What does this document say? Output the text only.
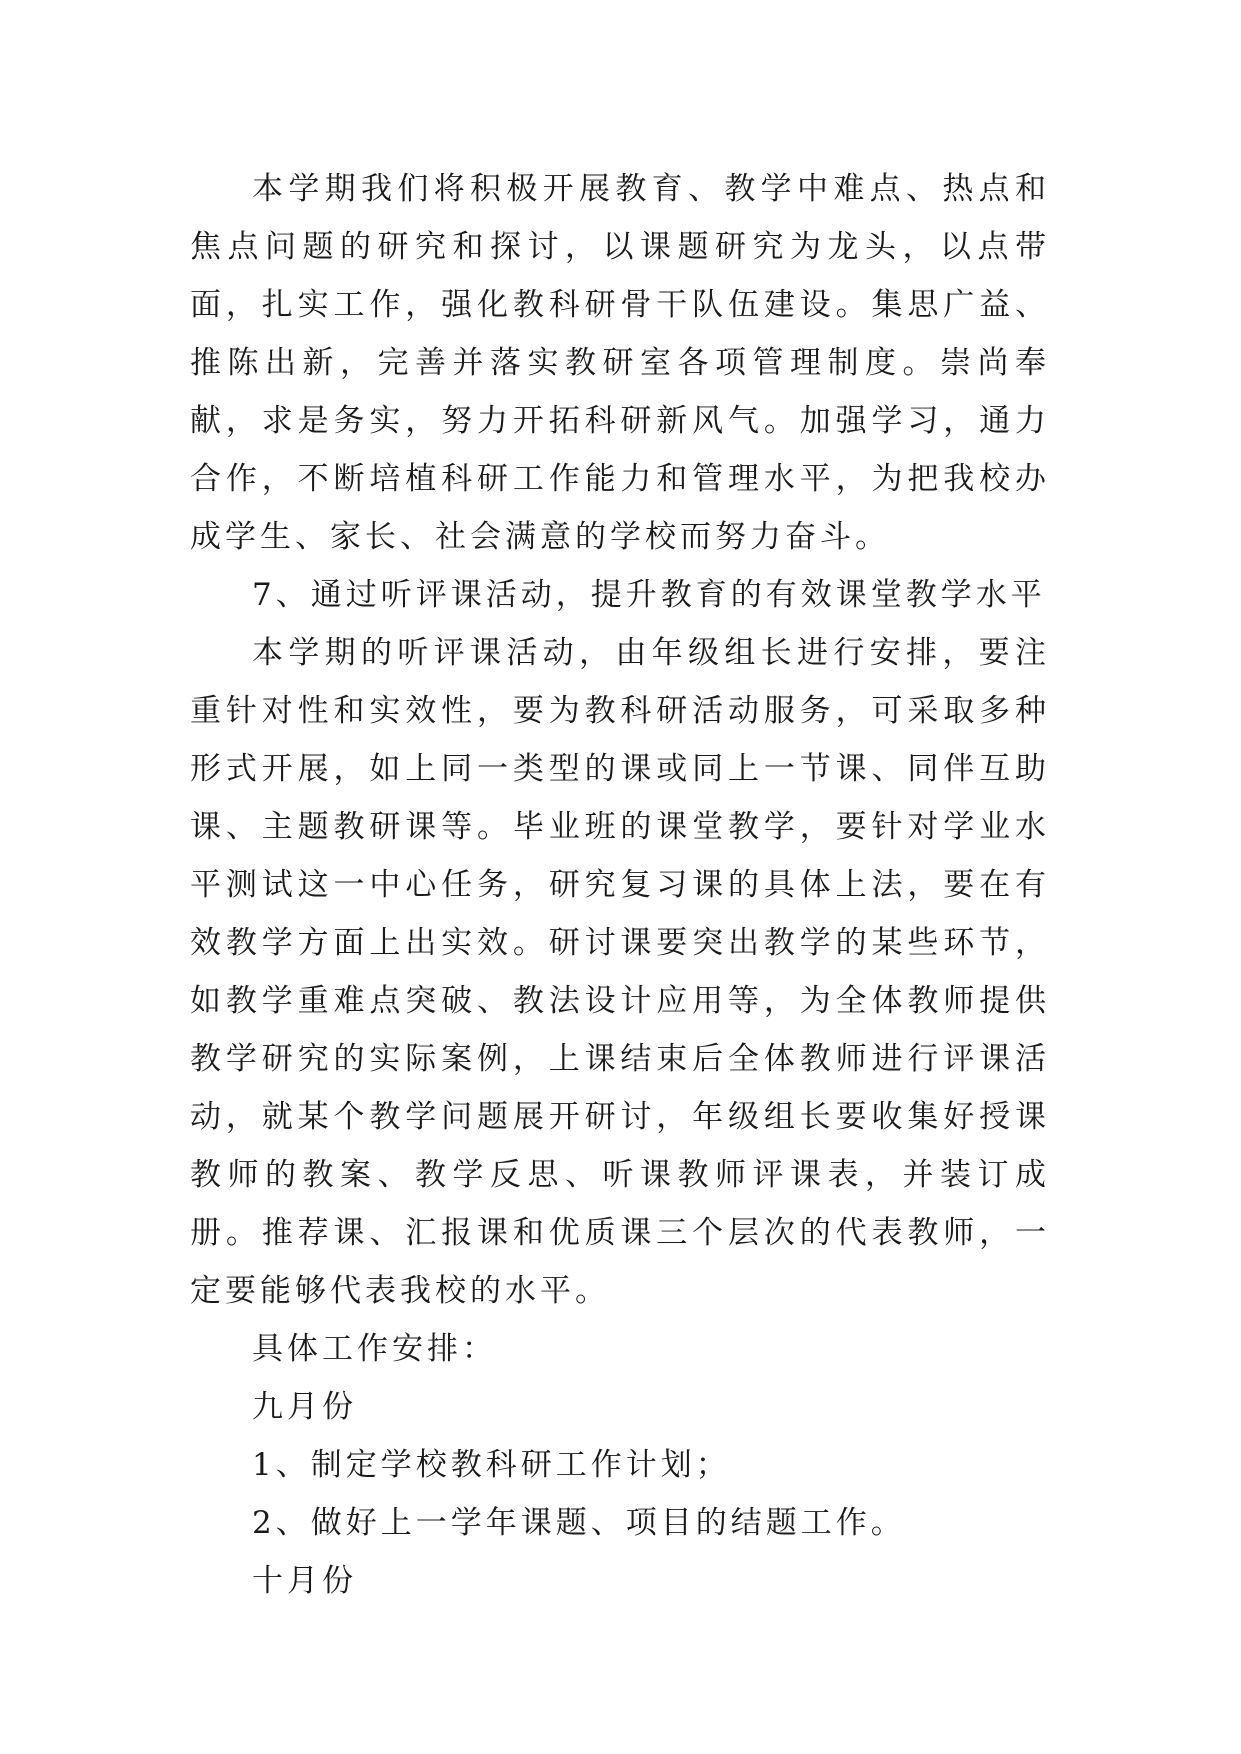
本学期我们将积极开展教育、教学中难点、热点和焦点问题的研究和探讨，以课题研究为龙头，以点带面，扎实工作，强化教科研骨干队伍建设。集思广益、推陈出新，完善并落实教研室各项管理制度。崇尚奉献，求是务实，努力开拓科研新风气。加强学习，通力合作，不断培植科研工作能力和管理水平，为把我校办成学生、家长、社会满意的学校而努力奋斗。

7、通过听评课活动，提升教育的有效课堂教学水平

本学期的听评课活动，由年级组长进行安排，要注重针对性和实效性，要为教科研活动服务，可采取多种形式开展，如上同一类型的课或同上一节课、同伴互助课、主题教研课等。毕业班的课堂教学，要针对学业水平测试这一中心任务，研究复习课的具体上法，要在有效教学方面上出实效。研讨课要突出教学的某些环节，如教学重难点突破、教法设计应用等，为全体教师提供教学研究的实际案例，上课结束后全体教师进行评课活动，就某个教学问题展开研讨，年级组长要收集好授课教师的教案、教学反思、听课教师评课表，并装订成册。推荐课、汇报课和优质课三个层次的代表教师，一定要能够代表我校的水平。

具体工作安排：

九月份

1、制定学校教科研工作计划；

2、做好上一学年课题、项目的结题工作。

十月份
